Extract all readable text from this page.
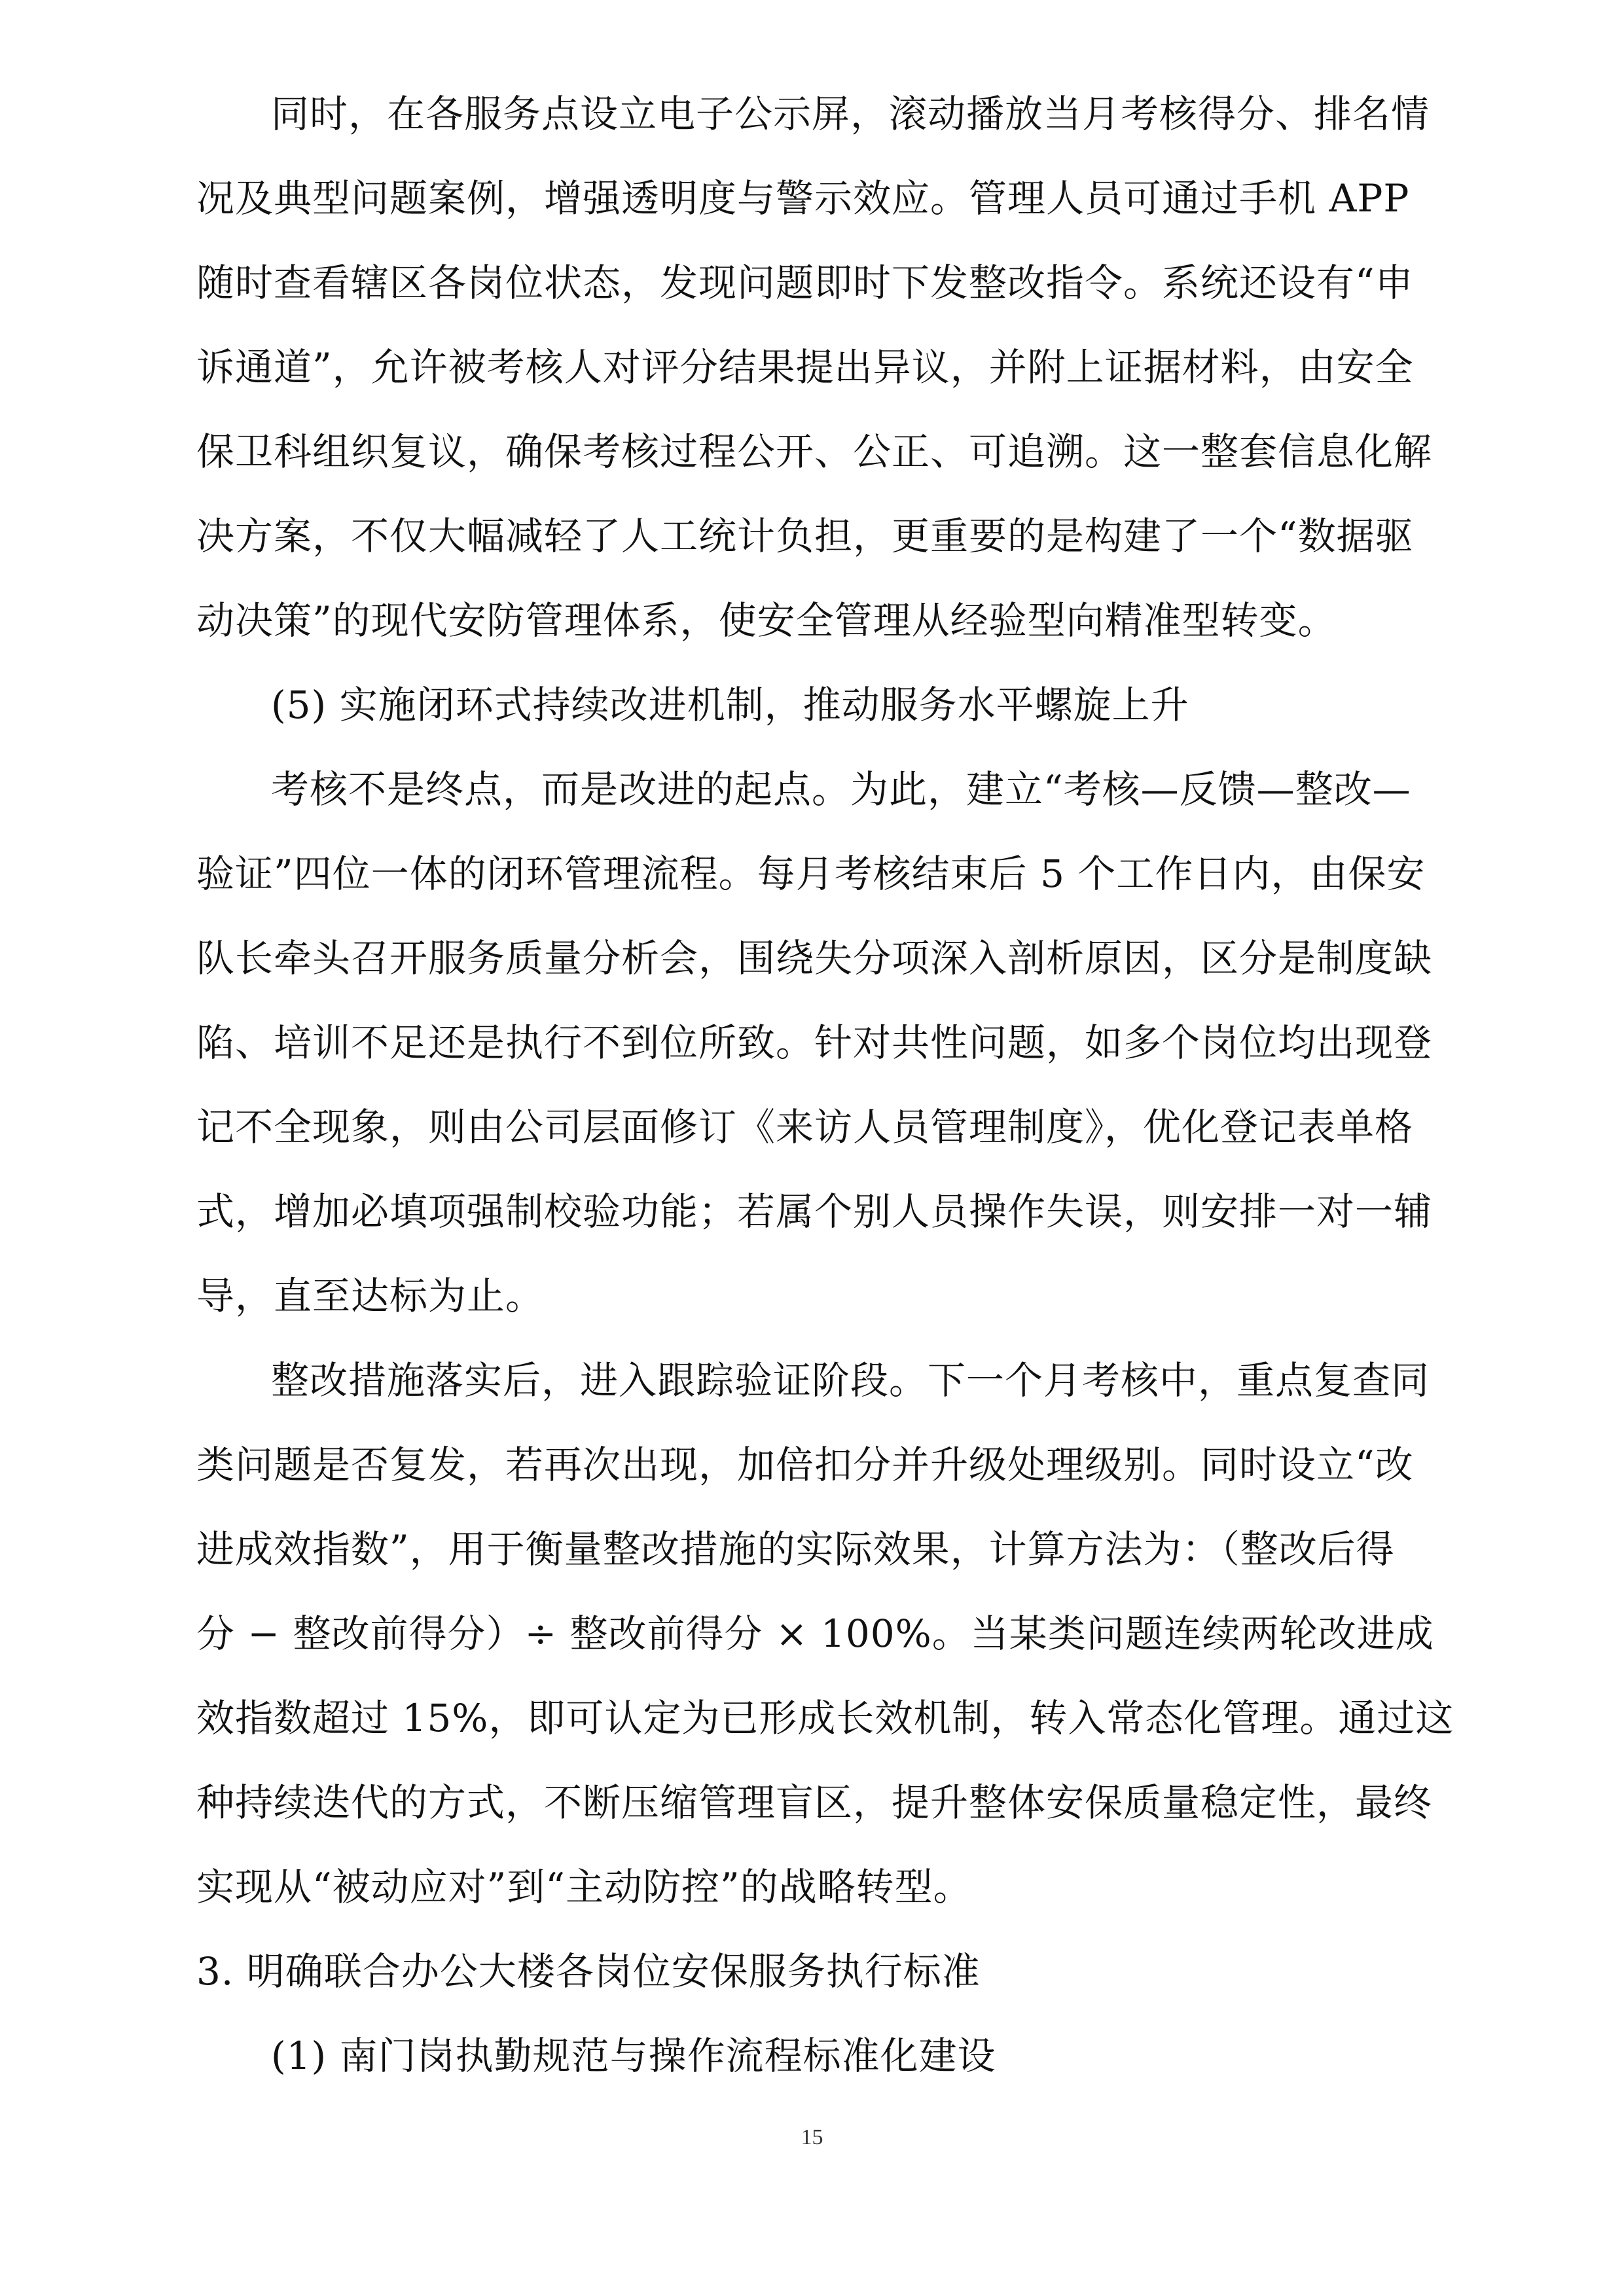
同时，在各服务点设立电子公示屏，滚动播放当月考核得分、排名情
况及典型问题案例，增强透明度与警示效应。管理人员可通过手机 APP
随时查看辖区各岗位状态，发现问题即时下发整改指令。系统还设有“申
诉通道”，允许被考核人对评分结果提出异议，并附上证据材料，由安全
保卫科组织复议，确保考核过程公开、公正、可追溯。这一整套信息化解
决方案，不仅大幅减轻了人工统计负担，更重要的是构建了一个“数据驱
动决策”的现代安防管理体系，使安全管理从经验型向精准型转变。
(5) 实施闭环式持续改进机制，推动服务水平螺旋上升
考核不是终点，而是改进的起点。为此，建立“考核—反馈—整改—
验证”四位一体的闭环管理流程。每月考核结束后 5 个工作日内，由保安
队长牵头召开服务质量分析会，围绕失分项深入剖析原因，区分是制度缺
陷、培训不足还是执行不到位所致。针对共性问题，如多个岗位均出现登
记不全现象，则由公司层面修订《来访人员管理制度》，优化登记表单格
式，增加必填项强制校验功能；若属个别人员操作失误，则安排一对一辅
导，直至达标为止。
整改措施落实后，进入跟踪验证阶段。下一个月考核中，重点复查同
类问题是否复发，若再次出现，加倍扣分并升级处理级别。同时设立“改
进成效指数”，用于衡量整改措施的实际效果，计算方法为：（整改后得
分 − 整改前得分）÷ 整改前得分 × 100%。当某类问题连续两轮改进成
效指数超过 15%，即可认定为已形成长效机制，转入常态化管理。通过这
种持续迭代的方式，不断压缩管理盲区，提升整体安保质量稳定性，最终
实现从“被动应对”到“主动防控”的战略转型。
3. 明确联合办公大楼各岗位安保服务执行标准
(1) 南门岗执勤规范与操作流程标准化建设
15
